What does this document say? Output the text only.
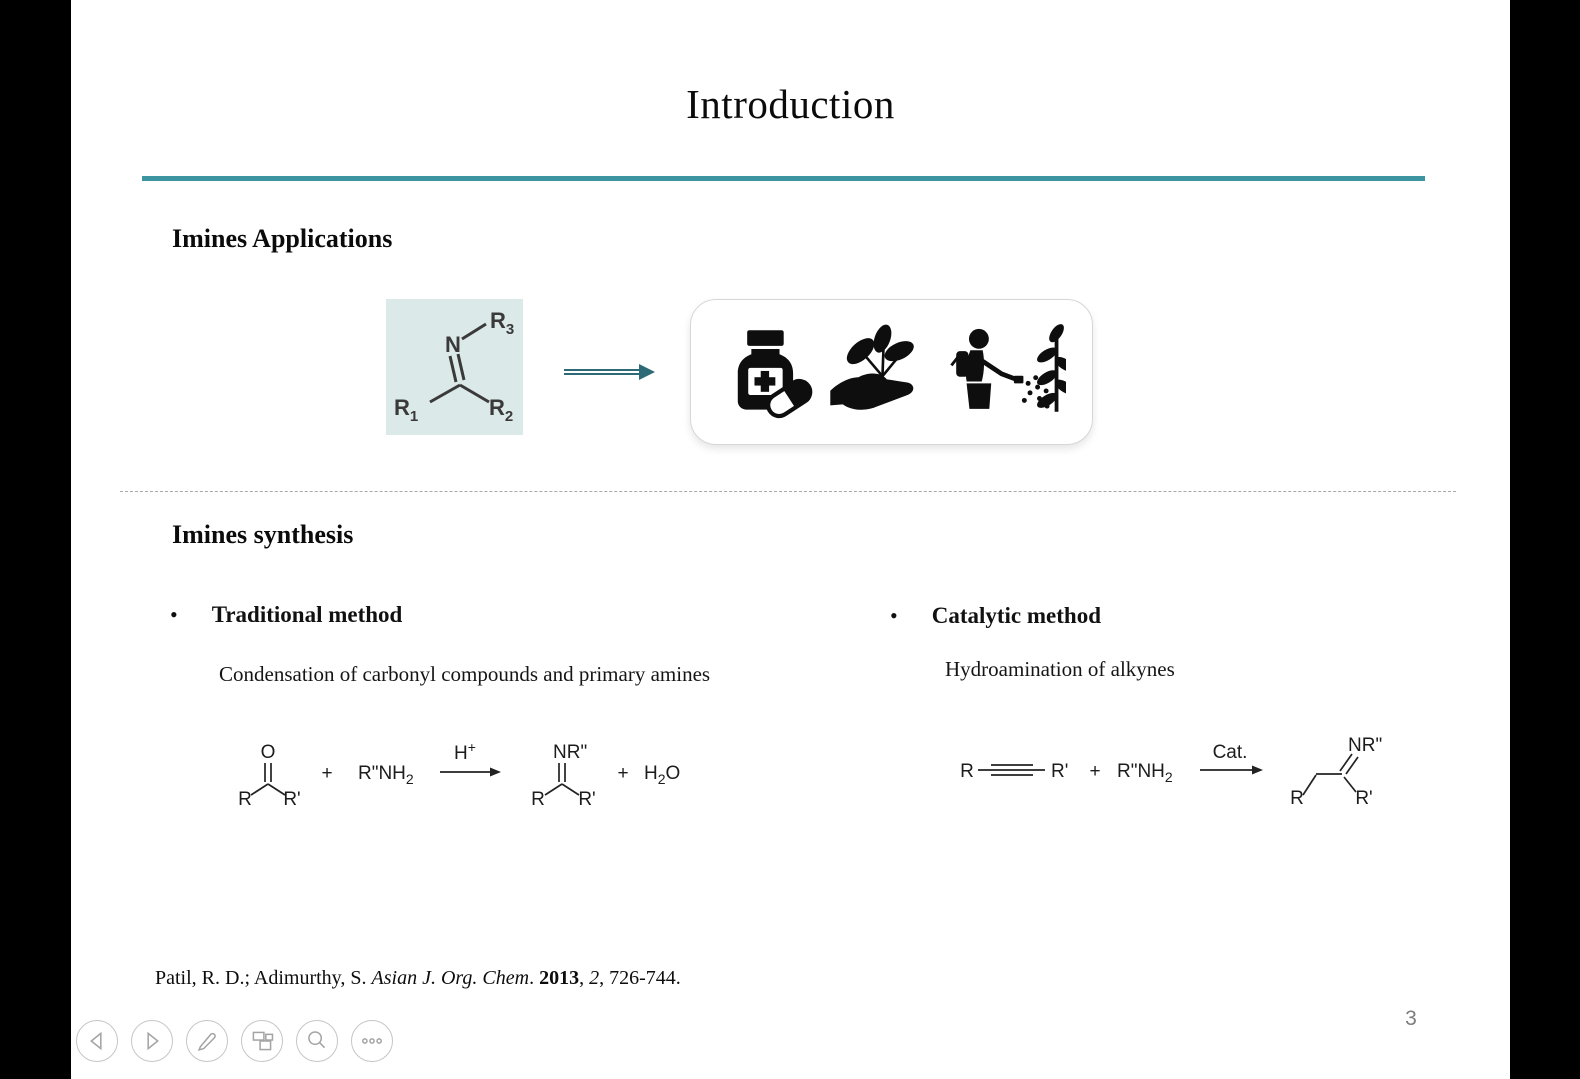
Introduction
Imines Applications
N
$R_3$
$R_1$	$R_2$
Imines synthesis
• Traditional method
Condensation of carbonyl compounds and primary amines
• Catalytic method
Hydroamination of alkynes
O
R R'
+ $R"NH_2$
H+	NR"
R R'
+ $H_2O$	R	$R' + R"NH_2$
Cat.	NR"
R	R'
Patil, R. D.; Adimurthy, S. Asian J. Org. Chem. 2013, 2, 726-744.
3
